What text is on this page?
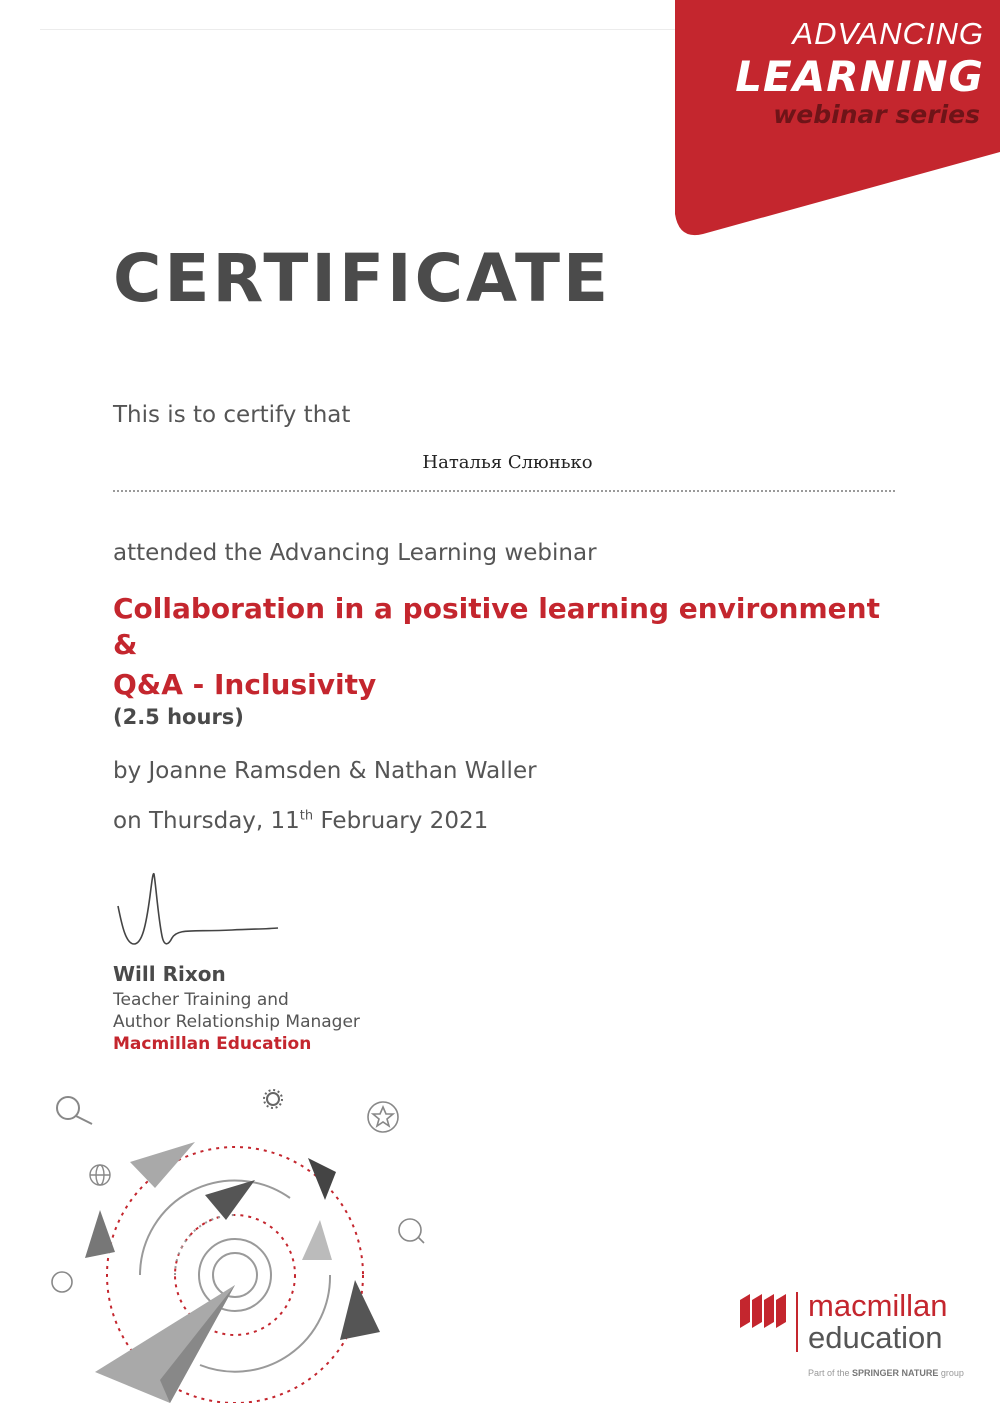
ADVANCING
LEARNING
webinar series
CERTIFICATE
This is to certify that
Наталья Слюнько
attended the Advancing Learning webinar
Collaboration in a positive learning environment
&
Q&A - Inclusivity
(2.5 hours)
by Joanne Ramsden & Nathan Waller
on Thursday, 11th February 2021
Will Rixon
Teacher Training and
Author Relationship Manager
Macmillan Education
macmillan
education
Part of the SPRINGER NATURE group
